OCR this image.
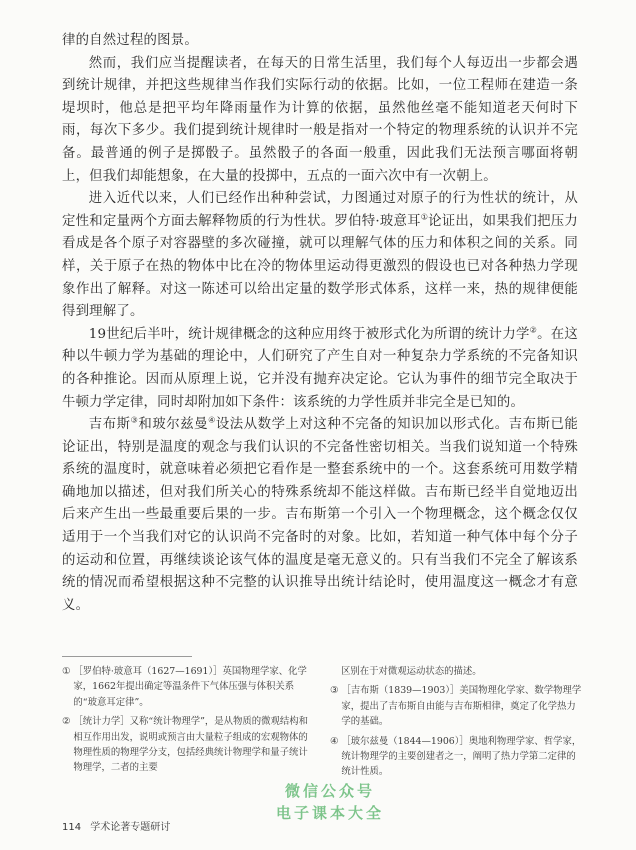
律的自然过程的图景。

然而，我们应当提醒读者，在每天的日常生活里，我们每个人每迈出一步都会遇到统计规律，并把这些规律当作我们实际行动的依据。比如，一位工程师在建造一条堤坝时，他总是把平均年降雨量作为计算的依据，虽然他丝毫不能知道老天何时下雨，每次下多少。我们提到统计规律时一般是指对一个特定的物理系统的认识并不完备。最普通的例子是掷骰子。虽然骰子的各面一般重，因此我们无法预言哪面将朝上，但我们却能想象，在大量的投掷中，五点的一面六次中有一次朝上。

进入近代以来，人们已经作出种种尝试，力图通过对原子的行为性状的统计，从定性和定量两个方面去解释物质的行为性状。罗伯特·玻意耳①论证出，如果我们把压力看成是各个原子对容器壁的多次碰撞，就可以理解气体的压力和体积之间的关系。同样，关于原子在热的物体中比在冷的物体里运动得更激烈的假设也已对各种热力学现象作出了解释。对这一陈述可以给出定量的数学形式体系，这样一来，热的规律便能得到理解了。

19世纪后半叶，统计规律概念的这种应用终于被形式化为所谓的统计力学②。在这种以牛顿力学为基础的理论中，人们研究了产生自对一种复杂力学系统的不完备知识的各种推论。因而从原理上说，它并没有抛弃决定论。它认为事件的细节完全取决于牛顿力学定律，同时却附加如下条件：该系统的力学性质并非完全是已知的。

吉布斯③和玻尔兹曼④设法从数学上对这种不完备的知识加以形式化。吉布斯已能论证出，特别是温度的观念与我们认识的不完备性密切相关。当我们说知道一个特殊系统的温度时，就意味着必须把它看作是一整套系统中的一个。这套系统可用数学精确地加以描述，但对我们所关心的特殊系统却不能这样做。吉布斯已经半自觉地迈出后来产生出一些最重要后果的一步。吉布斯第一个引入一个物理概念，这个概念仅仅适用于一个当我们对它的认识尚不完备时的对象。比如，若知道一种气体中每个分子的运动和位置，再继续谈论该气体的温度是毫无意义的。只有当我们不完全了解该系统的情况而希望根据这种不完整的认识推导出统计结论时，使用温度这一概念才有意义。

① ［罗伯特·玻意耳（1627—1691）］英国物理学家、化学家，1662年提出确定等温条件下气体压强与体积关系的“玻意耳定律”。
② ［统计力学］又称“统计物理学”，是从物质的微观结构和相互作用出发，说明或预言由大量粒子组成的宏观物体的物理性质的物理学分支，包括经典统计物理学和量子统计物理学，二者的主要
区别在于对微观运动状态的描述。
③ ［吉布斯（1839—1903）］美国物理化学家、数学物理学家，提出了吉布斯自由能与吉布斯相律，奠定了化学热力学的基础。
④ ［玻尔兹曼（1844—1906）］奥地利物理学家、哲学家，统计物理学的主要创建者之一，阐明了热力学第二定律的统计性质。
微信公众号
电子课本大全
114 学术论著专题研讨
